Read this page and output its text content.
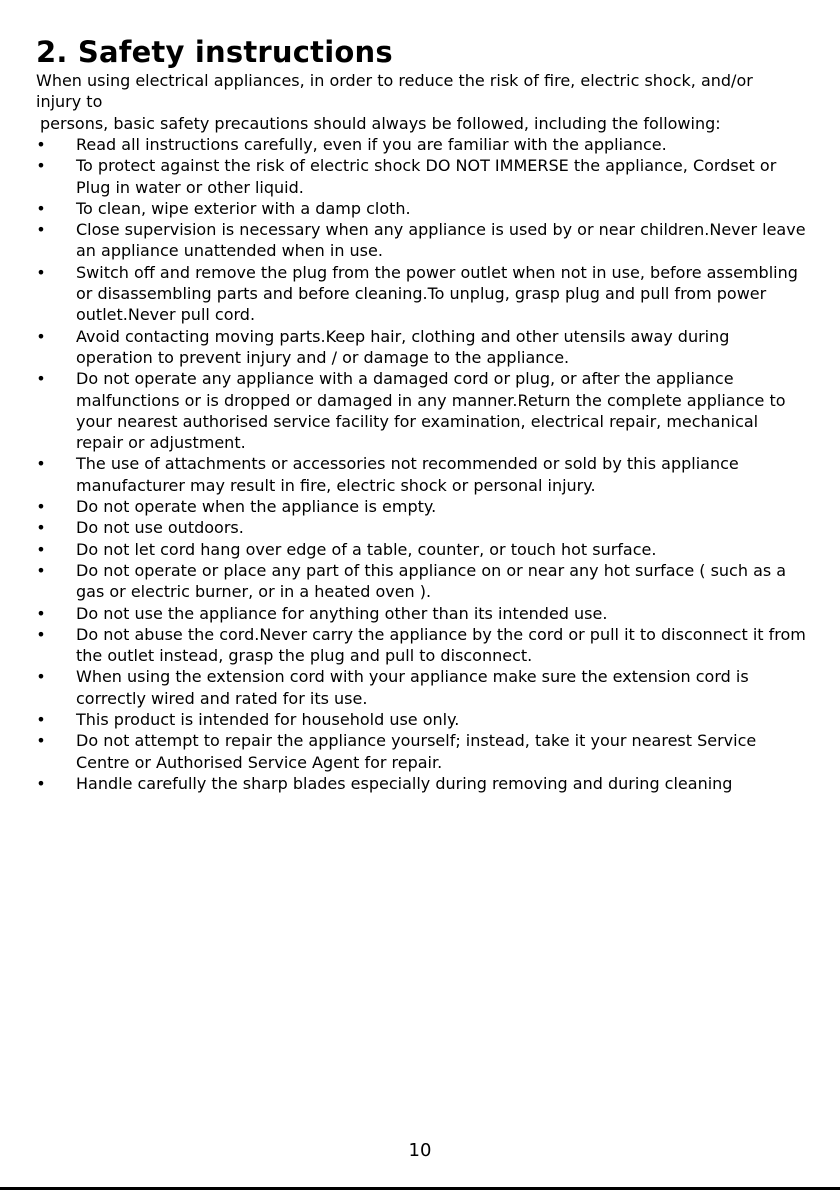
2. Safety instructions

When using electrical appliances, in order to reduce the risk of fire, electric shock, and/or

injury to

persons, basic safety precautions should always be followed, including the following:

• Read all instructions carefully, even if you are familiar with the appliance.
• To protect against the risk of electric shock DO NOT IMMERSE the appliance, Cordset or Plug in water or other liquid.
• To clean, wipe exterior with a damp cloth.
• Close supervision is necessary when any appliance is used by or near children.Never leave an appliance unattended when in use.
• Switch off and remove the plug from the power outlet when not in use, before assembling or disassembling parts and before cleaning.To unplug, grasp plug and pull from power outlet.Never pull cord.
• Avoid contacting moving parts.Keep hair, clothing and other utensils away during operation to prevent injury and / or damage to the appliance.
• Do not operate any appliance with a damaged cord or plug, or after the appliance malfunctions or is dropped or damaged in any manner.Return the complete appliance to your nearest authorised service facility for examination, electrical repair, mechanical repair or adjustment.
• The use of attachments or accessories not recommended or sold by this appliance manufacturer may result in fire, electric shock or personal injury.
• Do not operate when the appliance is empty.
• Do not use outdoors.
• Do not let cord hang over edge of a table, counter, or touch hot surface.
• Do not operate or place any part of this appliance on or near any hot surface ( such as a gas or electric burner, or in a heated oven ).
• Do not use the appliance for anything other than its intended use.
• Do not abuse the cord.Never carry the appliance by the cord or pull it to disconnect it from the outlet instead, grasp the plug and pull to disconnect.
• When using the extension cord with your appliance make sure the extension cord is correctly wired and rated for its use.
• This product is intended for household use only.
• Do not attempt to repair the appliance yourself; instead, take it your nearest Service Centre or Authorised Service Agent for repair.
• Handle carefully the sharp blades especially during removing and during cleaning
10
